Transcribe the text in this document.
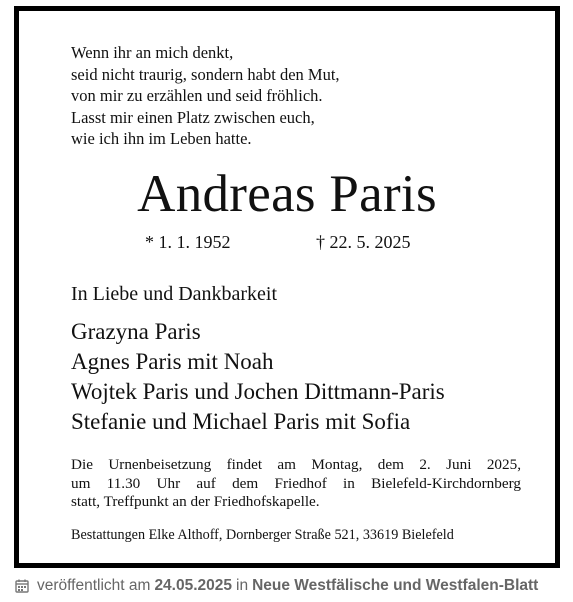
Wenn ihr an mich denkt,
seid nicht traurig, sondern habt den Mut,
von mir zu erzählen und seid fröhlich.
Lasst mir einen Platz zwischen euch,
wie ich ihn im Leben hatte.
Andreas Paris
* 1. 1. 1952	† 22. 5. 2025
In Liebe und Dankbarkeit
Grazyna Paris
Agnes Paris mit Noah
Wojtek Paris und Jochen Dittmann-Paris
Stefanie und Michael Paris mit Sofia
Die Urnenbeisetzung findet am Montag, dem 2. Juni 2025,
um 11.30 Uhr auf dem Friedhof in Bielefeld-Kirchdornberg
statt, Treffpunkt an der Friedhofskapelle.
Bestattungen Elke Althoff, Dornberger Straße 521, 33619 Bielefeld
veröffentlicht am 24.05.2025 in Neue Westfälische und Westfalen-Blatt
